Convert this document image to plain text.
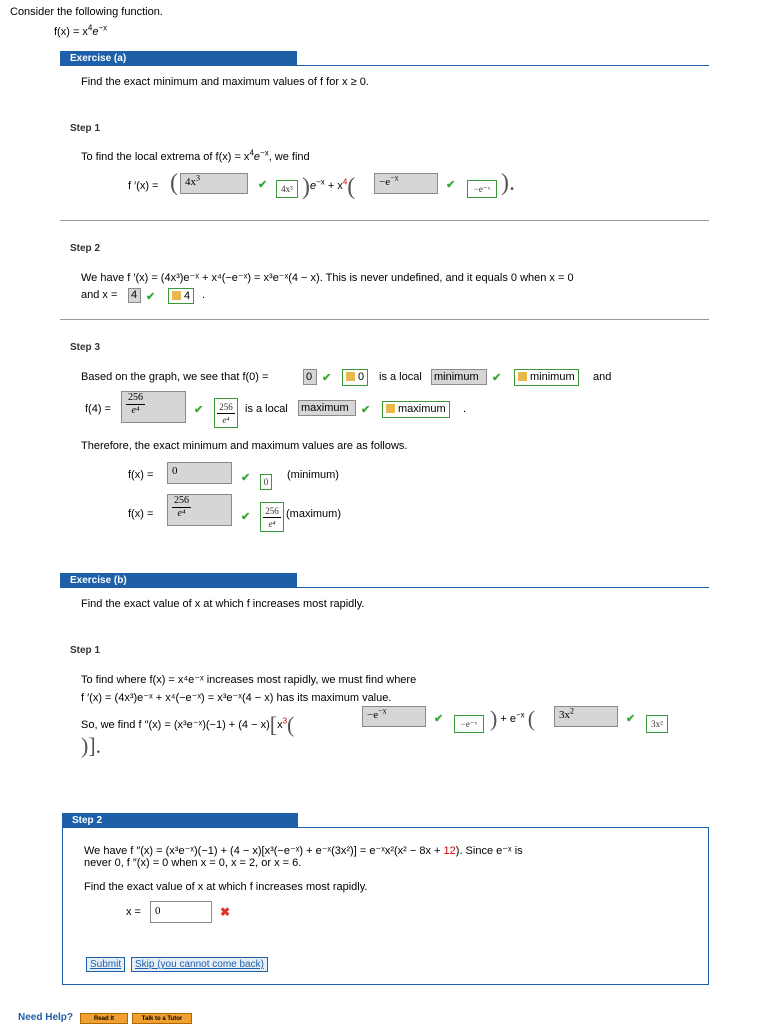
Consider the following function.
$f(x) = x^4e^{-x}$
Exercise (a)
Find the exact minimum and maximum values of f for x ≥ 0.
Step 1
To find the local extrema of $f(x) = x^4e^{-x}$, we find
f ′(x) = ( $4x^3$
✔	4x³ )$e^{-x} + x^4$(	$-e^{-x}$
✔	−e⁻ˣ ).
Step 2
We have f ′(x) = (4x³)e⁻ˣ + x⁴(−e⁻ˣ) = x³e⁻ˣ(4 − x). This is never undefined, and it equals 0 when x = 0
and x = 4 ✔	4	.
Step 3
Based on the graph, we see that f(0) =	0 ✔	0	is a local minimum	✔	minimum	and
$f(4) = \frac{256}{\text{e⁴}}$	✔ $\frac{256}{\text{e⁴}}$ is a local maximum	✔	maximum	.
Therefore, the exact minimum and maximum values are as follows.
f(x) =	0
✔	0
(minimum)
$f(x) = \frac{256}{\text{e⁴}}$	✔ $\frac{256}{\text{e⁴}}$ (maximum)
Exercise (b)
Find the exact value of x at which f increases most rapidly.
Step 1
To find where f(x) = x⁴e⁻ˣ increases most rapidly, we must find where
f ′(x) = (4x³)e⁻ˣ + x⁴(−e⁻ˣ) = x³e⁻ˣ(4 − x) has its maximum value.
So, we find f ″(x) = (x³e⁻ˣ)(−1) + $(4 - x)[x^3$(	$-e^{-x}$
✔	−e⁻ˣ ) + $e^{-x}$ (	$3x^2$
✔	3x²
)].
Step 2
We have f ″(x) = (x³e⁻ˣ)(−1) + (4 − x)[x³(−e⁻ˣ) + e⁻ˣ(3x²)] = e⁻ˣx²(x² − 8x + 12). Since e⁻ˣ is
never 0, f ″(x) = 0 when x = 0, x = 2, or x = 6.
Find the exact value of x at which f increases most rapidly.
x =	0	✖
Submit	Skip (you cannot come back)
Need Help?	Read It	Talk to a Tutor
